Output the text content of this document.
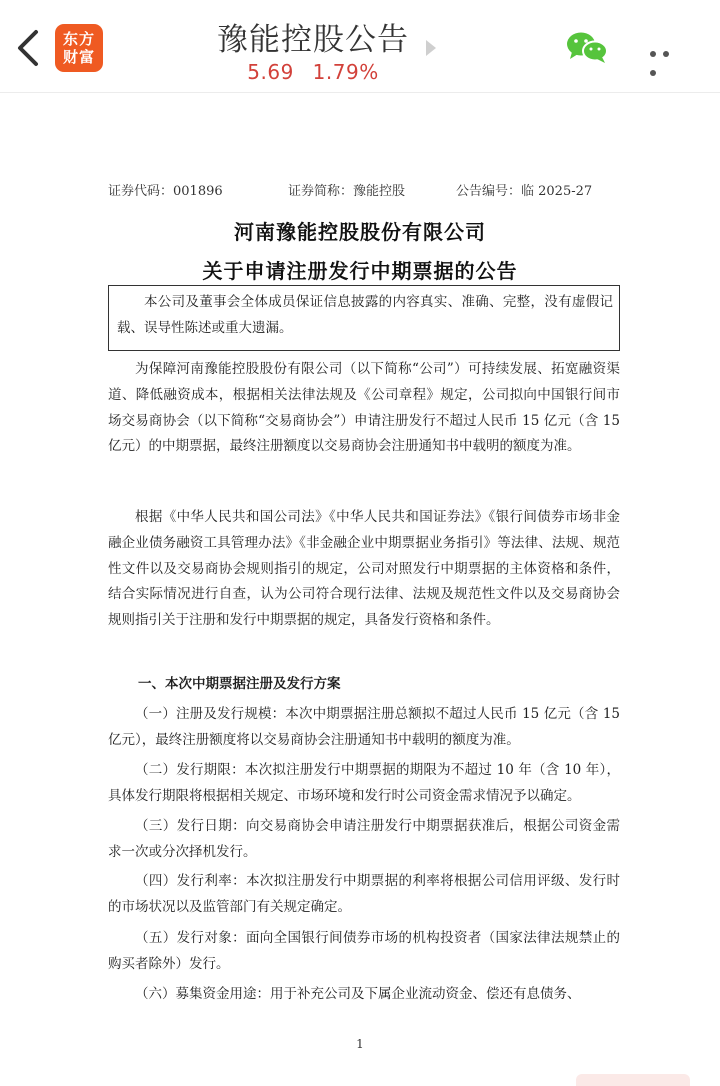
东方
财富	豫能控股公告
5.69 1.79%
证券代码：001896	证券简称：豫能控股	公告编号：临 2025-27
河南豫能控股股份有限公司
关于申请注册发行中期票据的公告

本公司及董事会全体成员保证信息披露的内容真实、准确、完整，没有虚假记载、误导性陈述或重大遗漏。

为保障河南豫能控股股份有限公司（以下简称“公司”）可持续发展、拓宽融资渠道、降低融资成本，根据相关法律法规及《公司章程》规定，公司拟向中国银行间市场交易商协会（以下简称“交易商协会”）申请注册发行不超过人民币 15 亿元（含 15 亿元）的中期票据，最终注册额度以交易商协会注册通知书中载明的额度为准。

根据《中华人民共和国公司法》《中华人民共和国证券法》《银行间债券市场非金融企业债务融资工具管理办法》《非金融企业中期票据业务指引》等法律、法规、规范性文件以及交易商协会规则指引的规定，公司对照发行中期票据的主体资格和条件，结合实际情况进行自查，认为公司符合现行法律、法规及规范性文件以及交易商协会规则指引关于注册和发行中期票据的规定，具备发行资格和条件。

一、本次中期票据注册及发行方案

（一）注册及发行规模：本次中期票据注册总额拟不超过人民币 15 亿元（含 15 亿元），最终注册额度将以交易商协会注册通知书中载明的额度为准。

（二）发行期限：本次拟注册发行中期票据的期限为不超过 10 年（含 10 年），具体发行期限将根据相关规定、市场环境和发行时公司资金需求情况予以确定。

（三）发行日期：向交易商协会申请注册发行中期票据获准后，根据公司资金需求一次或分次择机发行。

（四）发行利率：本次拟注册发行中期票据的利率将根据公司信用评级、发行时的市场状况以及监管部门有关规定确定。

（五）发行对象：面向全国银行间债券市场的机构投资者（国家法律法规禁止的购买者除外）发行。

（六）募集资金用途：用于补充公司及下属企业流动资金、偿还有息债务、

1
